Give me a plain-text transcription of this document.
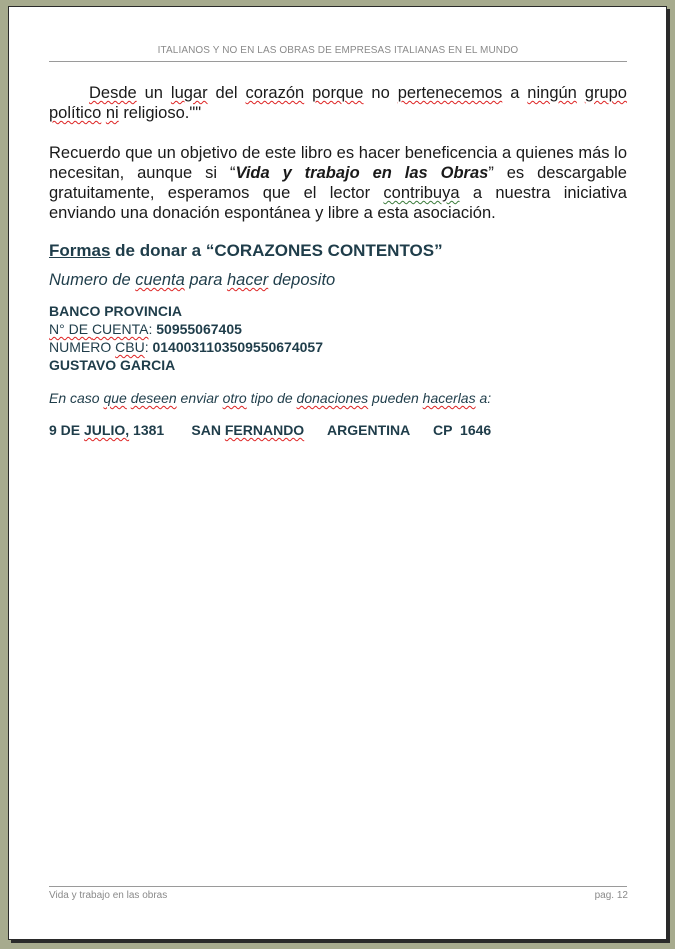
ITALIANOS Y NO EN LAS OBRAS DE EMPRESAS ITALIANAS EN EL MUNDO

Desde un lugar del corazón porque no pertenecemos a ningún grupo político ni religioso.""

Recuerdo que un objetivo de este libro es hacer beneficencia a quienes más lo necesitan, aunque si “Vida y trabajo en las Obras” es descargable gratuitamente, esperamos que el lector contribuya a nuestra iniciativa enviando una donación espontánea y libre a esta asociación.

Formas de donar a “CORAZONES CONTENTOS”

Numero de cuenta para hacer deposito

BANCO PROVINCIA
N° DE CUENTA: 50955067405
NUMERO CBU: 0140031103509550674057
GUSTAVO GARCIA

En caso que deseen enviar otro tipo de donaciones pueden hacerlas a:

9 DE JULIO, 1381       SAN FERNANDO      ARGENTINA      CP  1646

Vida y trabajo en las obras	pag. 12
